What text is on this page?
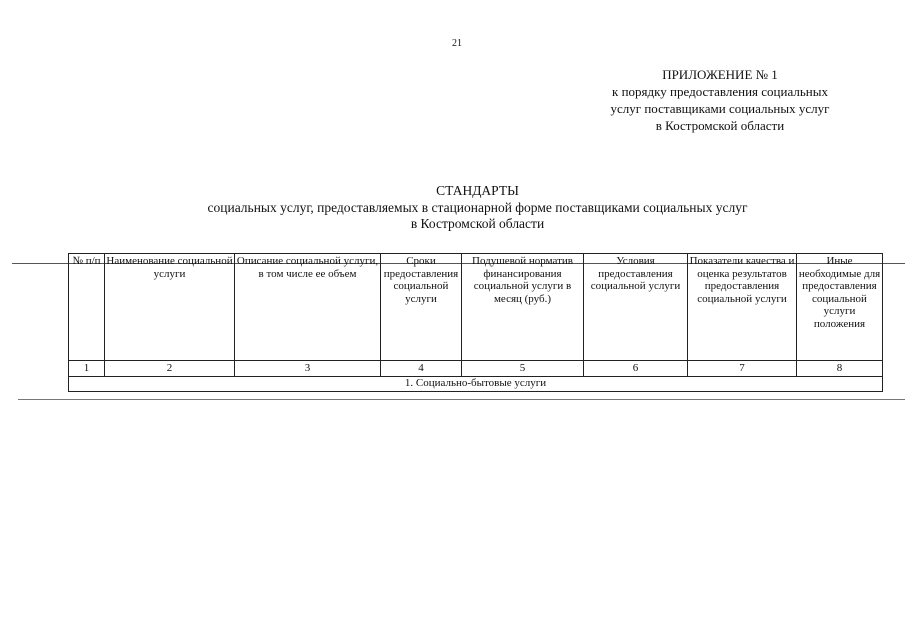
21
ПРИЛОЖЕНИЕ № 1
к порядку предоставления социальных
услуг поставщиками социальных услуг
в Костромской области
СТАНДАРТЫ
социальных услуг, предоставляемых в стационарной форме поставщиками социальных услуг
в Костромской области
№ п/п	Наименование социальной услуги	Описание социальной услуги, в том числе ее объем	Сроки предоставления социальной услуги	Подушевой норматив финансирования социальной услуги в месяц (руб.)	Условия предоставления социальной услуги	Показатели качества и оценка результатов предоставления социальной услуги	Иные необходимые для предоставления социальной услуги положения
1	2	3	4	5	6	7	8
1. Социально-бытовые услуги							
